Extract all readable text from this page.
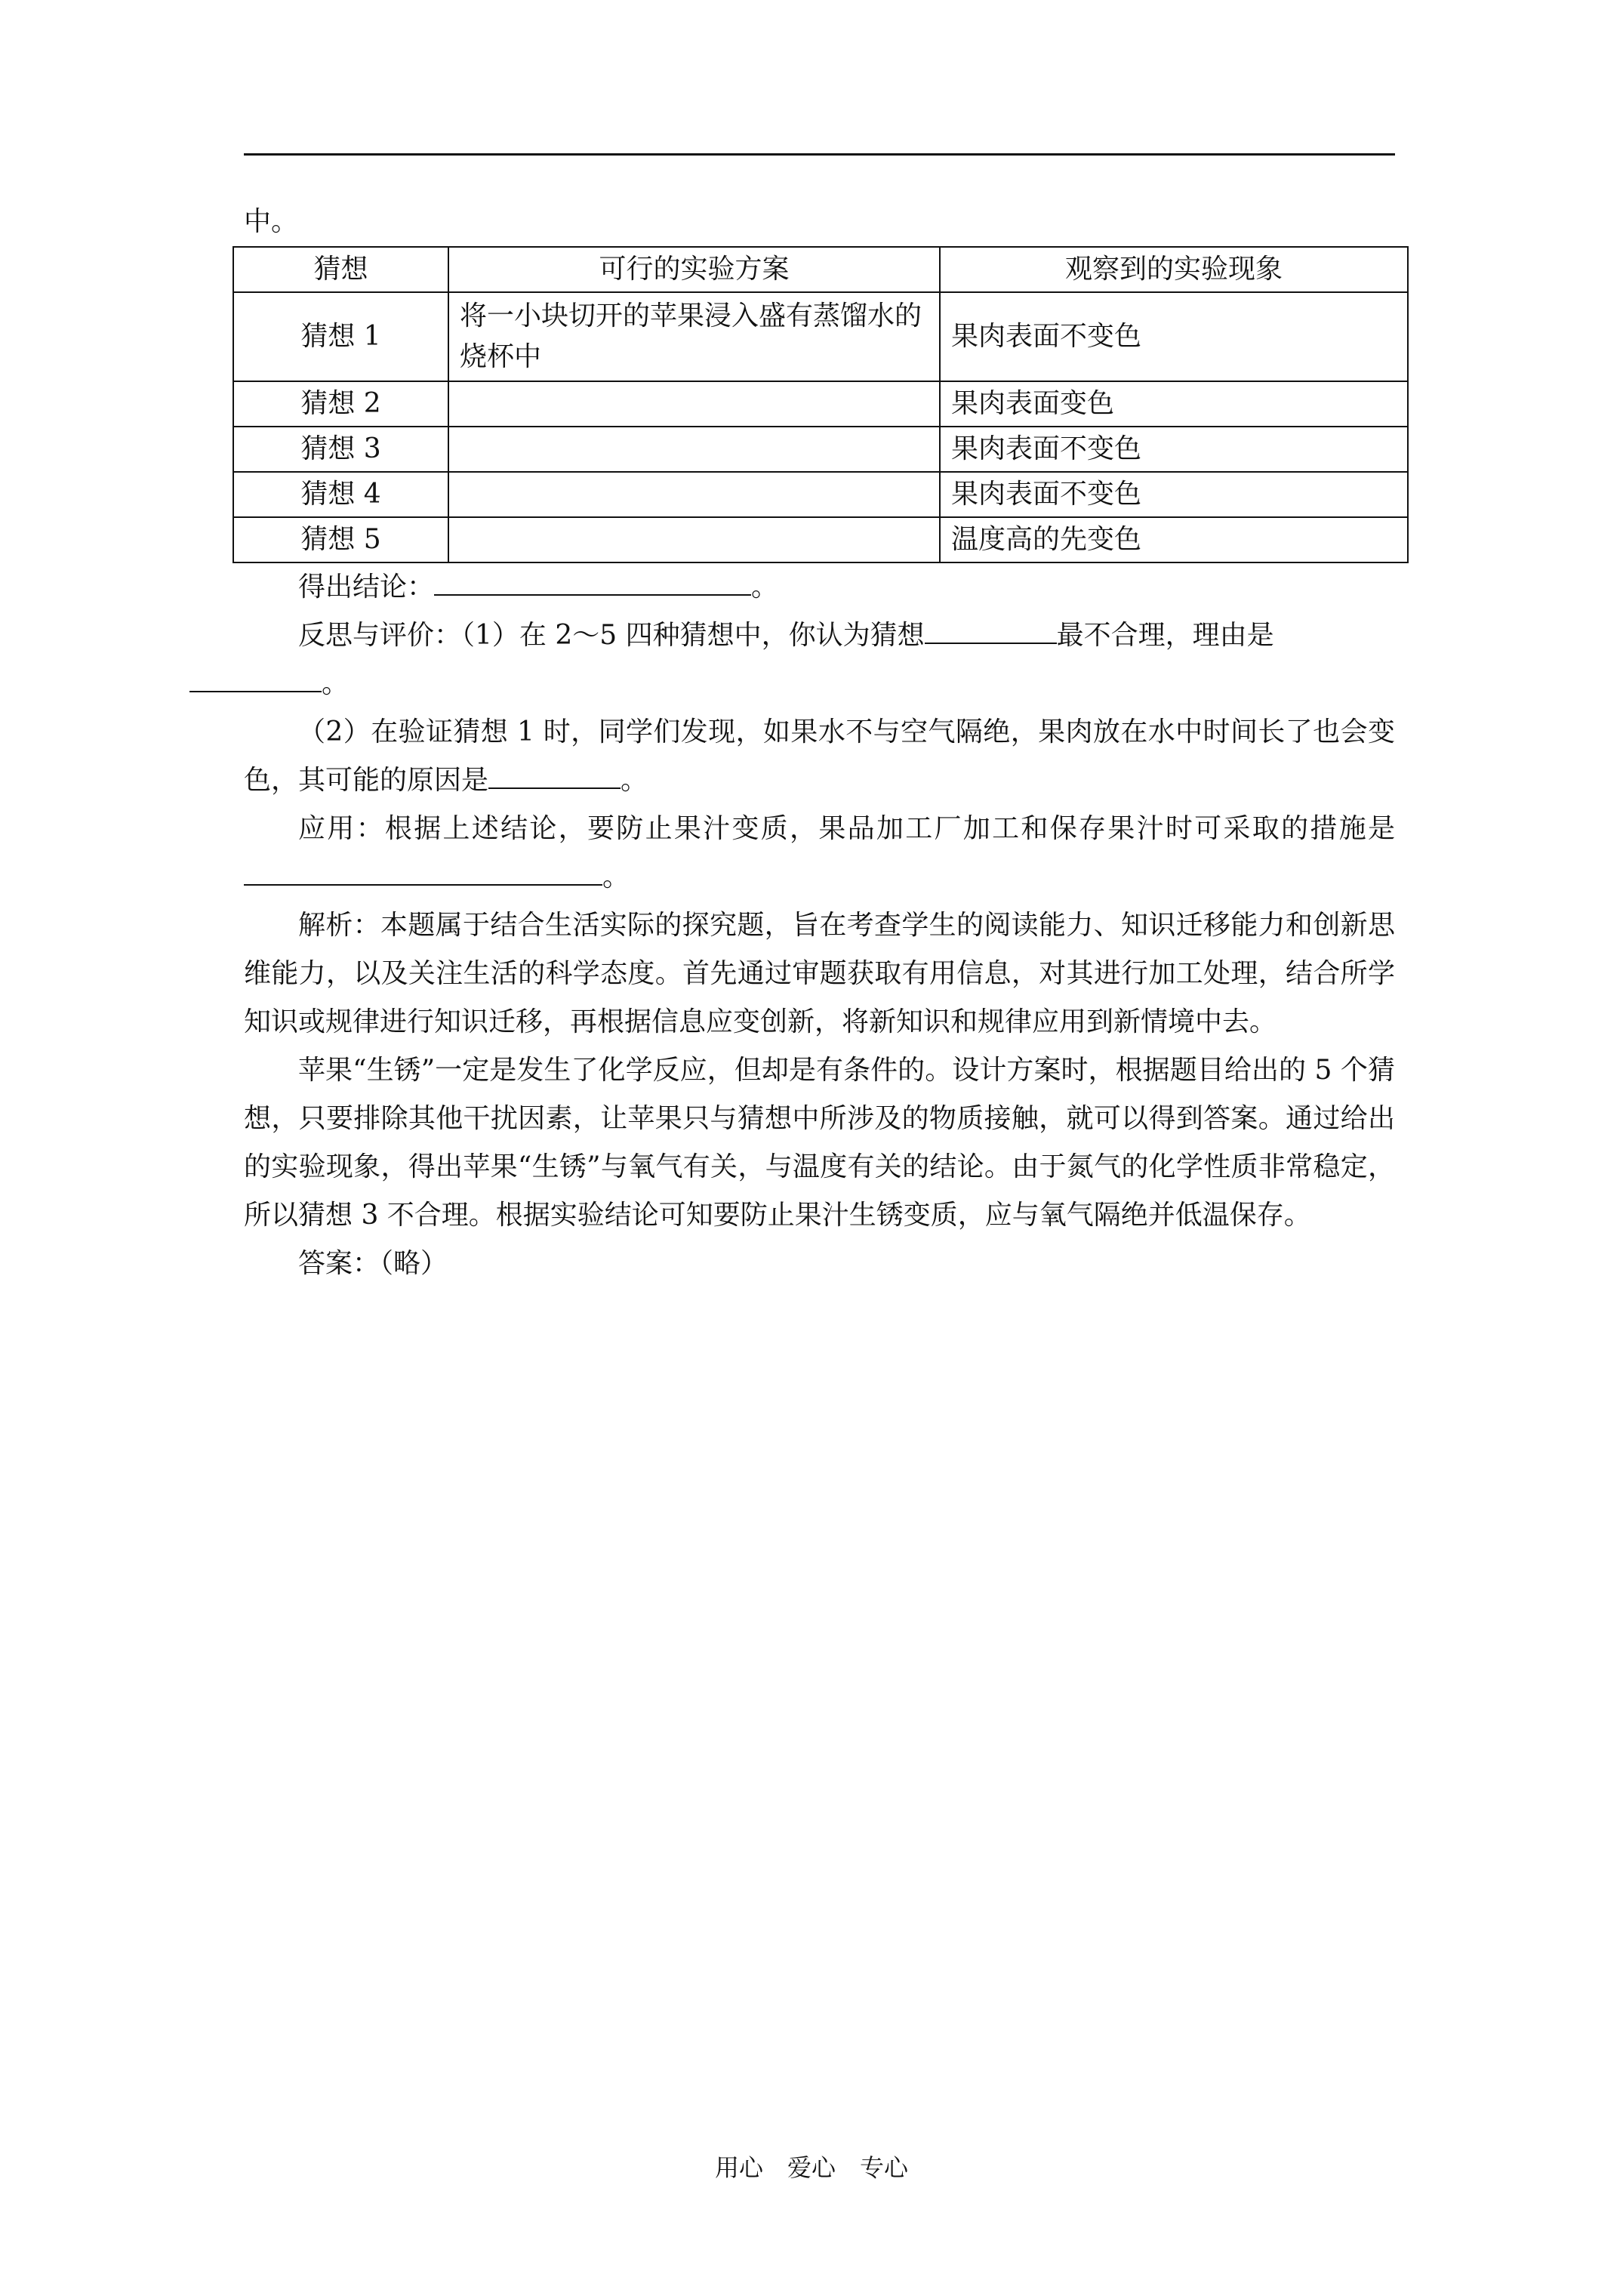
中。

猜想	可行的实验方案	观察到的实验现象
猜想 1	将一小块切开的苹果浸入盛有蒸馏水的烧杯中	果肉表面不变色
猜想 2		果肉表面变色
猜想 3		果肉表面不变色
猜想 4		果肉表面不变色
猜想 5		温度高的先变色

得出结论：	。

反思与评价：（1）在 2～5 四种猜想中，你认为猜想	最不合理，理由是
。

（2）在验证猜想 1 时，同学们发现，如果水不与空气隔绝，果肉放在水中时间长了也会变色，其可能的原因是	。

应用：根据上述结论，要防止果汁变质，果品加工厂加工和保存果汁时可采取的措施是。

解析：本题属于结合生活实际的探究题，旨在考查学生的阅读能力、知识迁移能力和创新思维能力，以及关注生活的科学态度。首先通过审题获取有用信息，对其进行加工处理，结合所学知识或规律进行知识迁移，再根据信息应变创新，将新知识和规律应用到新情境中去。

苹果“生锈”一定是发生了化学反应，但却是有条件的。设计方案时，根据题目给出的 5 个猜想，只要排除其他干扰因素，让苹果只与猜想中所涉及的物质接触，就可以得到答案。通过给出的实验现象，得出苹果“生锈”与氧气有关，与温度有关的结论。由于氮气的化学性质非常稳定，所以猜想 3 不合理。根据实验结论可知要防止果汁生锈变质，应与氧气隔绝并低温保存。

答案：（略）

用心　爱心　专心
